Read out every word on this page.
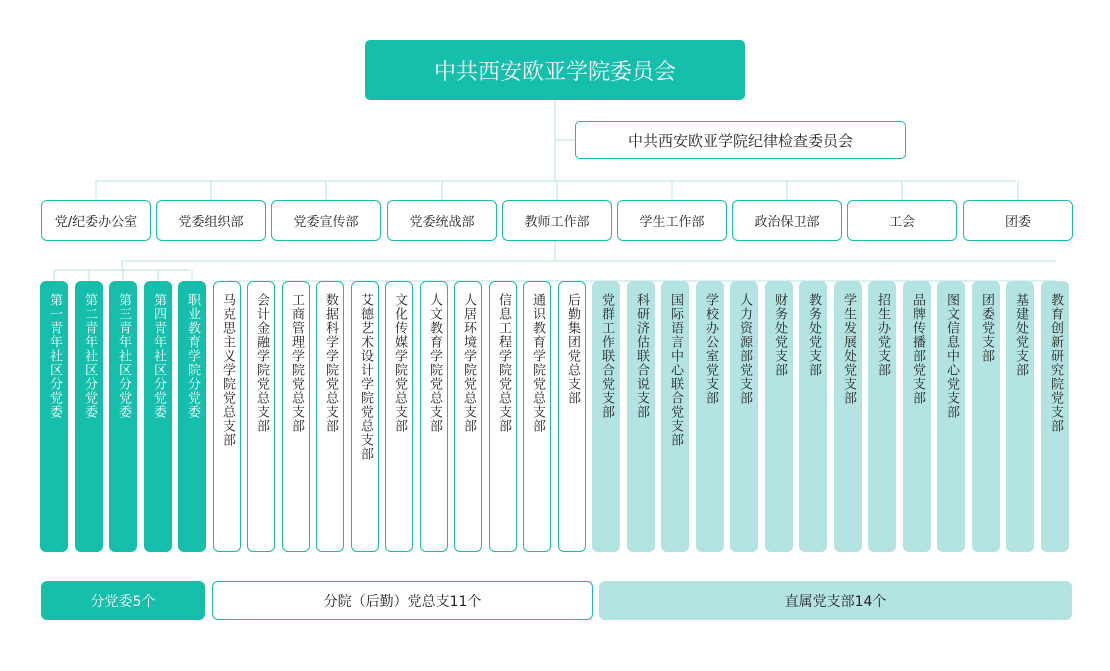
中共西安欧亚学院委员会
中共西安欧亚学院纪律检查委员会
党/纪委办公室	党委组织部	党委宣传部	党委统战部	教师工作部	学生工作部	政治保卫部	工会	团委
第一青年社区分党委	第二青年社区分党委	第三青年社区分党委	第四青年社区分党委	职业教育学院分党委	马克思主义学院党总支部	会计金融学院党总支部	工商管理学院党总支部	数据科学学院党总支部	艾德艺术设计学院党总支部	文化传媒学院党总支部	人文教育学院党总支部	人居环境学院党总支部	信息工程学院党总支部	通识教育学院党总支部	后勤集团党总支部	党群工作联合党支部	科研济估联合说支部	国际语言中心联合党支部	学校办公室党支部	人力资源部党支部	财务处党支部	教务处党支部	学生发展处党支部	招生办党支部	品牌传播部党支部	图文信息中心党支部	团委党支部	基建处党支部	教育创新研究院党支部
分党委5个	分院（后勤）党总支11个	直属党支部14个
